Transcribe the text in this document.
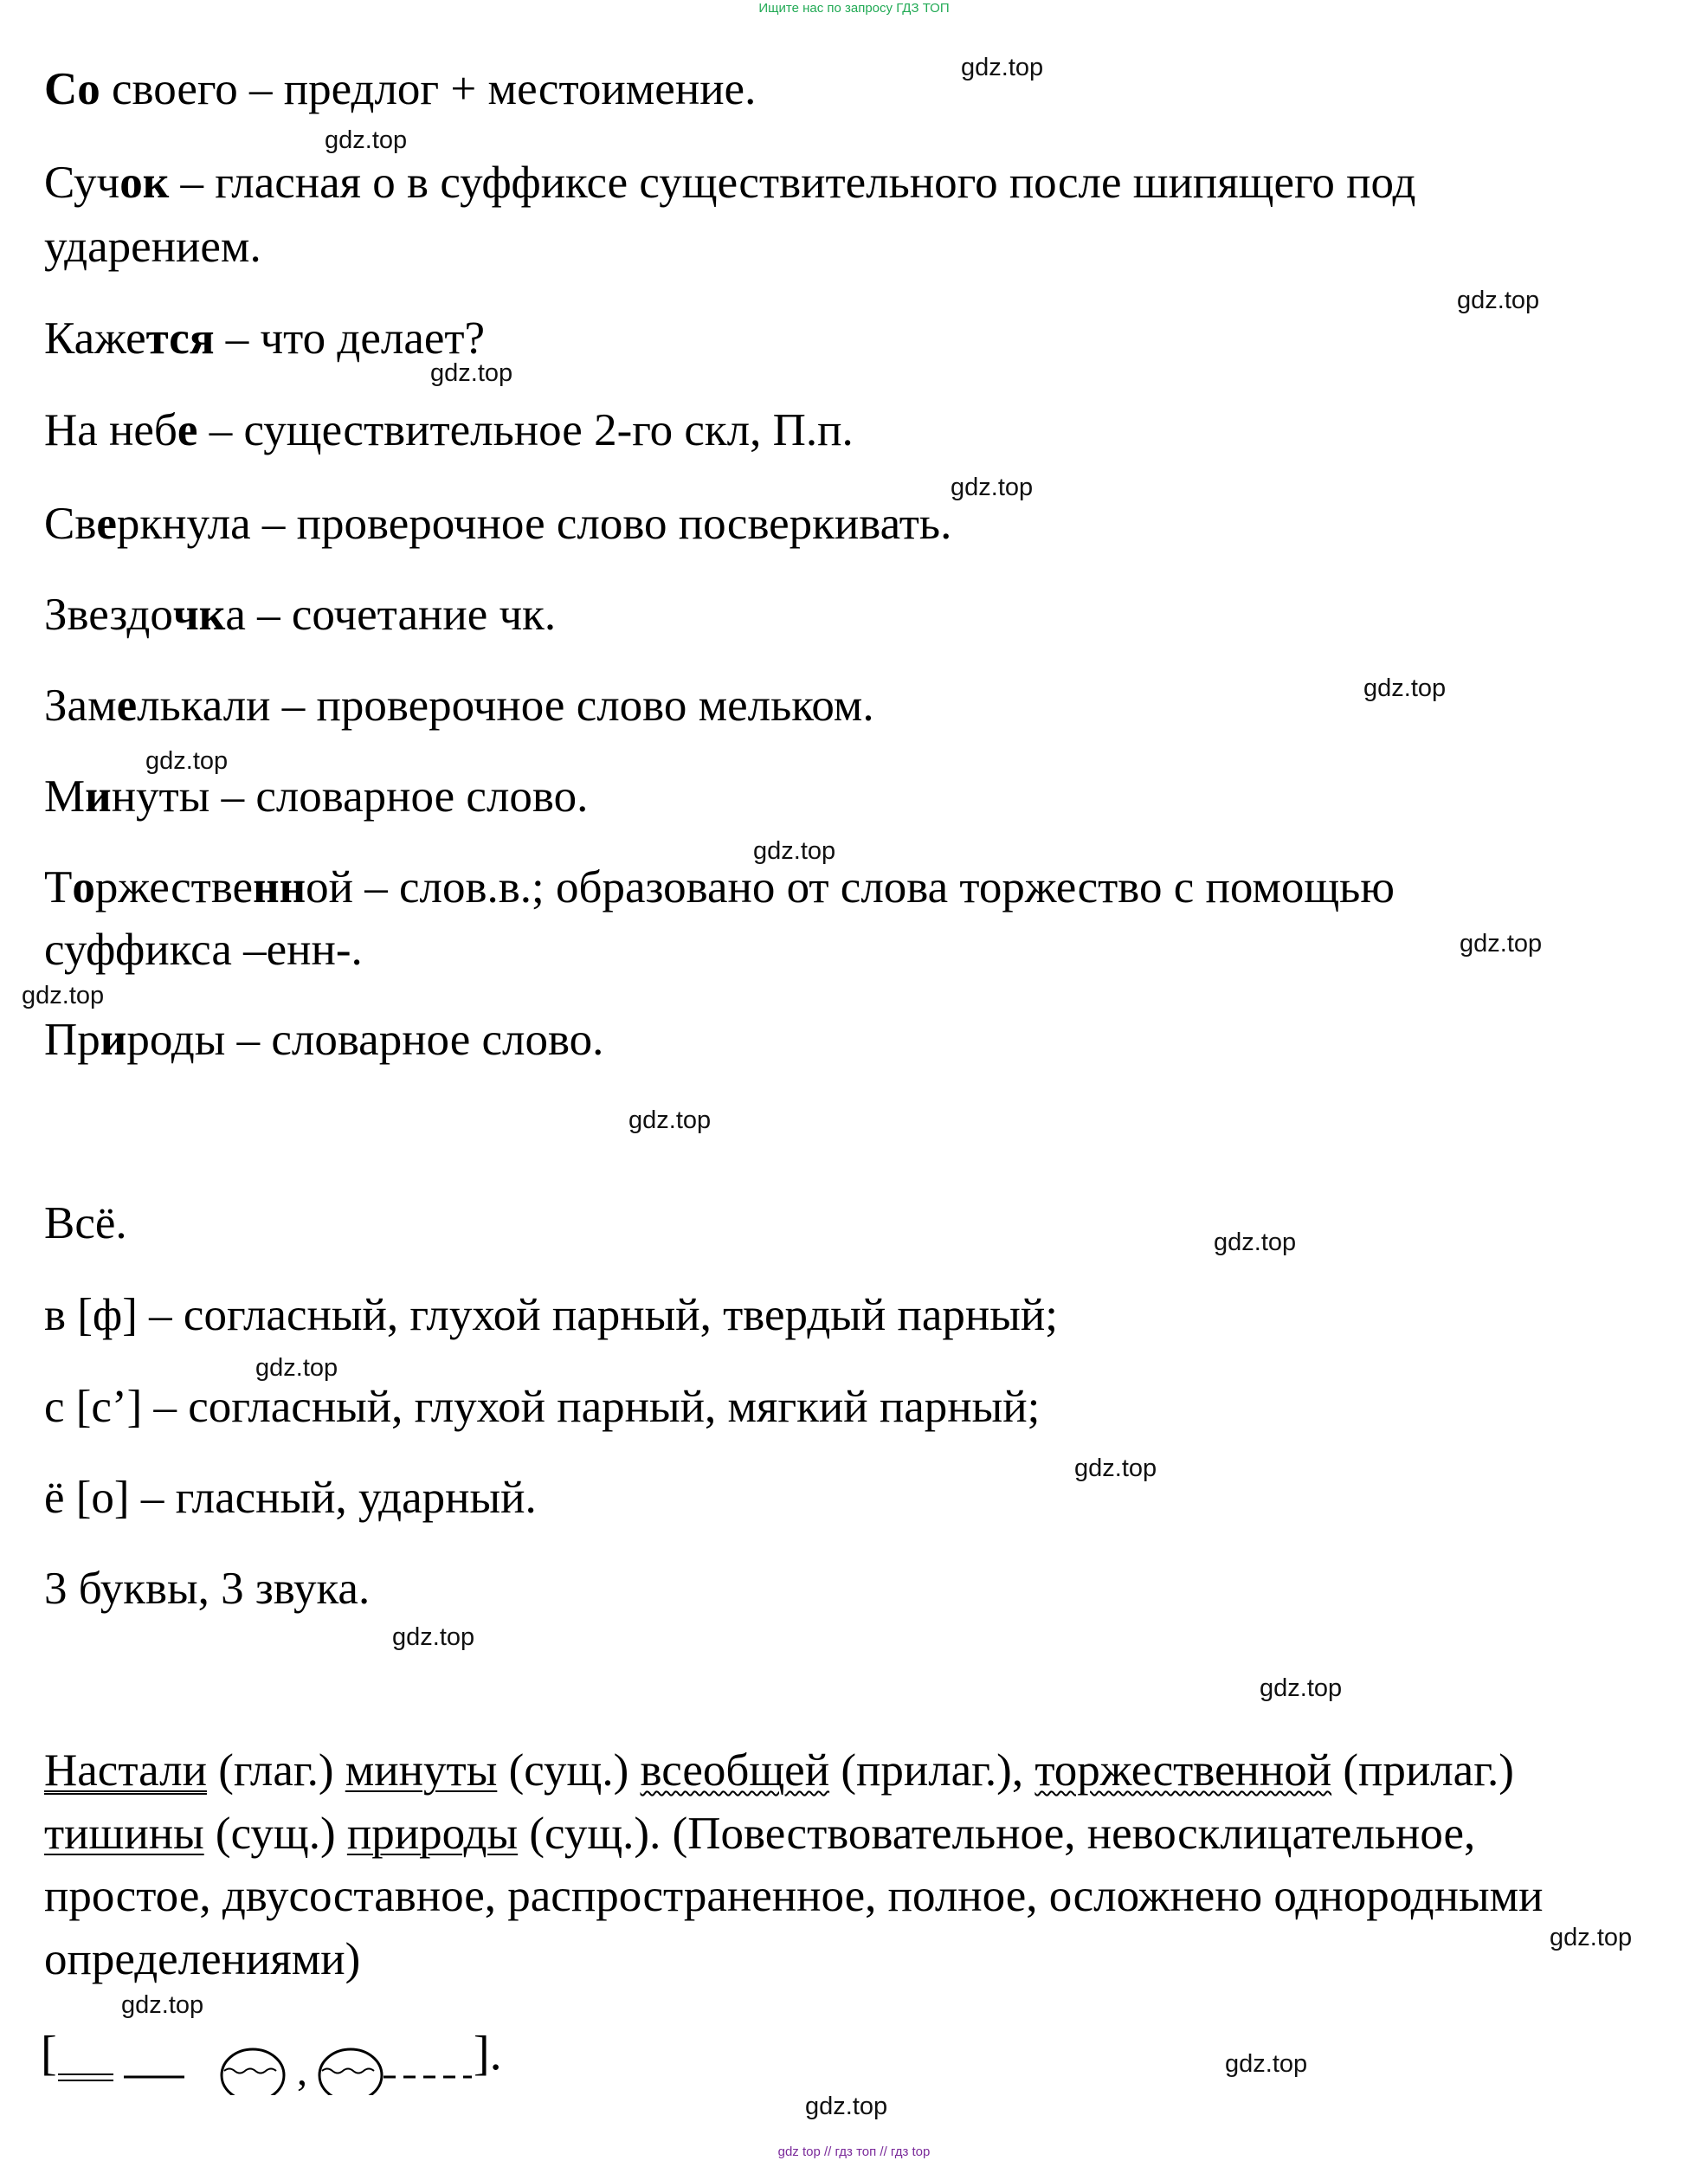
Ищите нас по запросу ГДЗ ТОП
Со своего – предлог + местоимение.
Сучок – гласная о в суффиксе существительного после шипящего под
ударением.
Кажется – что делает?
На небе – существительное 2-го скл, П.п.
Сверкнула – проверочное слово посверкивать.
Звездочка – сочетание чк.
Замелькали – проверочное слово мельком.
Минуты – словарное слово.
Торжественной – слов.в.; образовано от слова торжество с помощью
суффикса –енн-.
Природы – словарное слово.
Всё.
в [ф] – согласный, глухой парный, твердый парный;
с [с’] – согласный, глухой парный, мягкий парный;
ё [о] – гласный, ударный.
3 буквы, 3 звука.
Настали (глаг.) минуты (сущ.) всеобщей (прилаг.), торжественной (прилаг.)
тишины (сущ.) природы (сущ.). (Повествовательное, невосклицательное,
простое, двусоставное, распространенное, полное, осложнено однородными
определениями)
[	,	].
gdz.top
gdz.top
gdz.top
gdz.top
gdz.top
gdz.top
gdz.top
gdz.top
gdz.top
gdz.top
gdz.top
gdz.top
gdz.top
gdz.top
gdz.top
gdz.top
gdz.top
gdz.top
gdz.top
gdz.top
gdz top // гдз топ // гдз top
